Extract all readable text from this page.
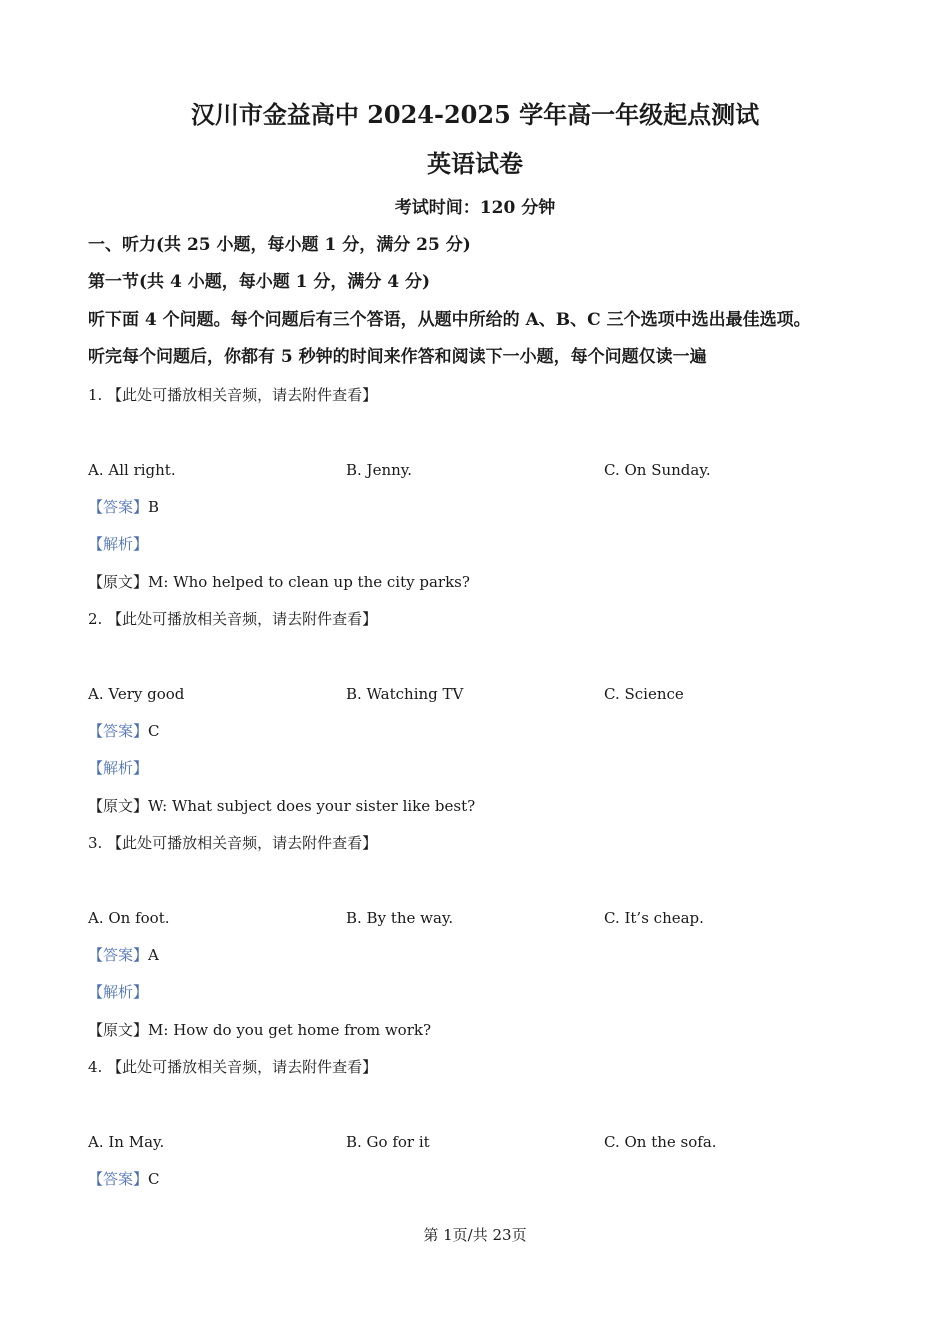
汉川市金益高中 2024-2025 学年高一年级起点测试
英语试卷
考试时间：120 分钟
一、听力(共 25 小题，每小题 1 分，满分 25 分)
第一节(共 4 小题，每小题 1 分，满分 4 分)
听下面 4 个问题。每个问题后有三个答语，从题中所给的 A、B、C 三个选项中选出最佳选项。
听完每个问题后，你都有 5 秒钟的时间来作答和阅读下一小题，每个问题仅读一遍
1. 【此处可播放相关音频，请去附件查看】
A. All right.	B. Jenny.	C. On Sunday.
【答案】B
【解析】
【原文】M: Who helped to clean up the city parks?
2. 【此处可播放相关音频，请去附件查看】
A. Very good	B. Watching TV	C. Science
【答案】C
【解析】
【原文】W: What subject does your sister like best?
3. 【此处可播放相关音频，请去附件查看】
A. On foot.	B. By the way.	C. It’s cheap.
【答案】A
【解析】
【原文】M: How do you get home from work?
4. 【此处可播放相关音频，请去附件查看】
A. In May.	B. Go for it	C. On the sofa.
【答案】C
第 1页/共 23页
